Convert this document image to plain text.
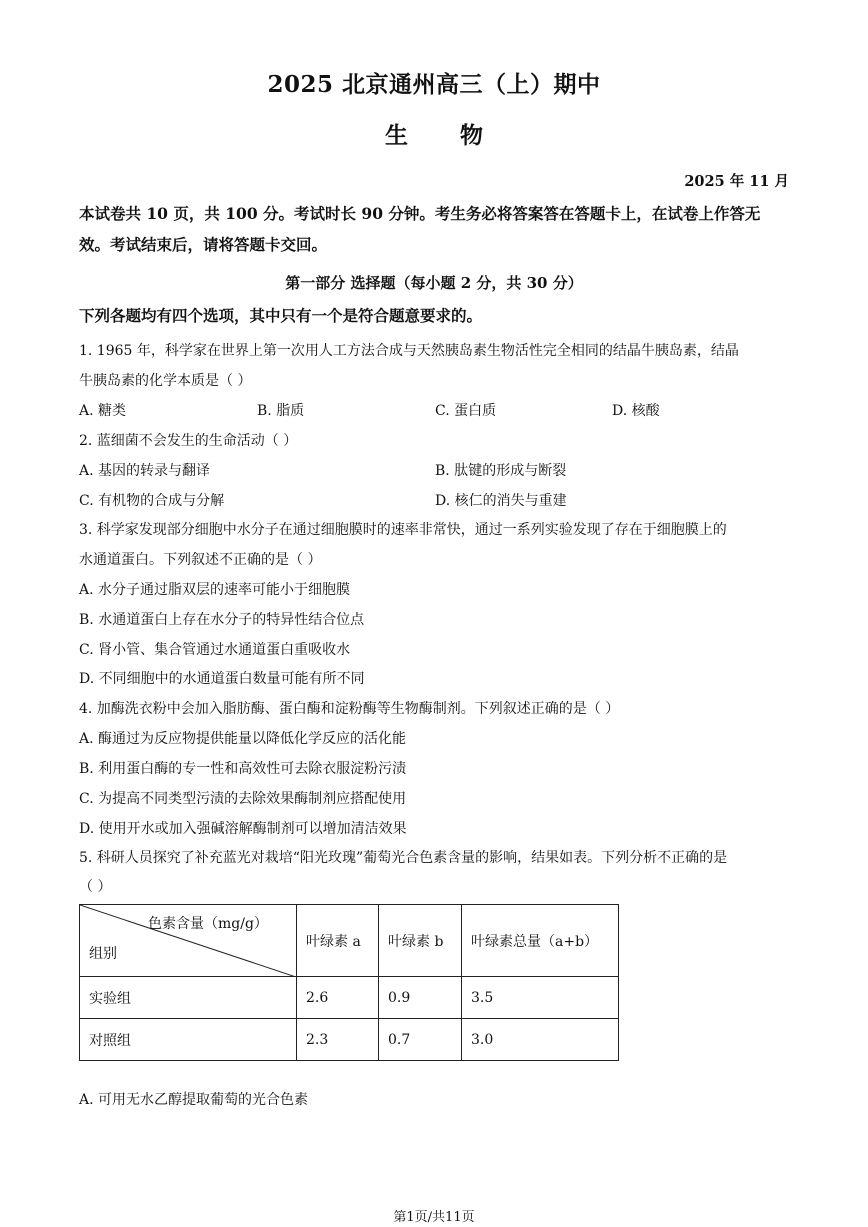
2025 北京通州高三（上）期中
生 物
2025 年 11 月

本试卷共 10 页，共 100 分。考试时长 90 分钟。考生务必将答案答在答题卡上，在试卷上作答无效。考试结束后，请将答题卡交回。

第一部分 选择题（每小题 2 分，共 30 分）
下列各题均有四个选项，其中只有一个是符合题意要求的。
1. 1965 年，科学家在世界上第一次用人工方法合成与天然胰岛素生物活性完全相同的结晶牛胰岛素，结晶
牛胰岛素的化学本质是（ ）
A. 糖类	B. 脂质	C. 蛋白质	D. 核酸
2. 蓝细菌不会发生的生命活动（ ）
A. 基因的转录与翻译	B. 肽键的形成与断裂
C. 有机物的合成与分解	D. 核仁的消失与重建
3. 科学家发现部分细胞中水分子在通过细胞膜时的速率非常快，通过一系列实验发现了存在于细胞膜上的
水通道蛋白。下列叙述不正确的是（ ）
A. 水分子通过脂双层的速率可能小于细胞膜
B. 水通道蛋白上存在水分子的特异性结合位点
C. 肾小管、集合管通过水通道蛋白重吸收水
D. 不同细胞中的水通道蛋白数量可能有所不同
4. 加酶洗衣粉中会加入脂肪酶、蛋白酶和淀粉酶等生物酶制剂。下列叙述正确的是（ ）
A. 酶通过为反应物提供能量以降低化学反应的活化能
B. 利用蛋白酶的专一性和高效性可去除衣服淀粉污渍
C. 为提高不同类型污渍的去除效果酶制剂应搭配使用
D. 使用开水或加入强碱溶解酶制剂可以增加清洁效果
5. 科研人员探究了补充蓝光对栽培“阳光玫瑰”葡萄光合色素含量的影响，结果如表。下列分析不正确的是
（ ）
色素含量（mg/g）
组别	叶绿素 a	叶绿素 b	叶绿素总量（a+b）
实验组	2.6	0.9	3.5
对照组	2.3	0.7	3.0
A. 可用无水乙醇提取葡萄的光合色素
第1页/共11页
